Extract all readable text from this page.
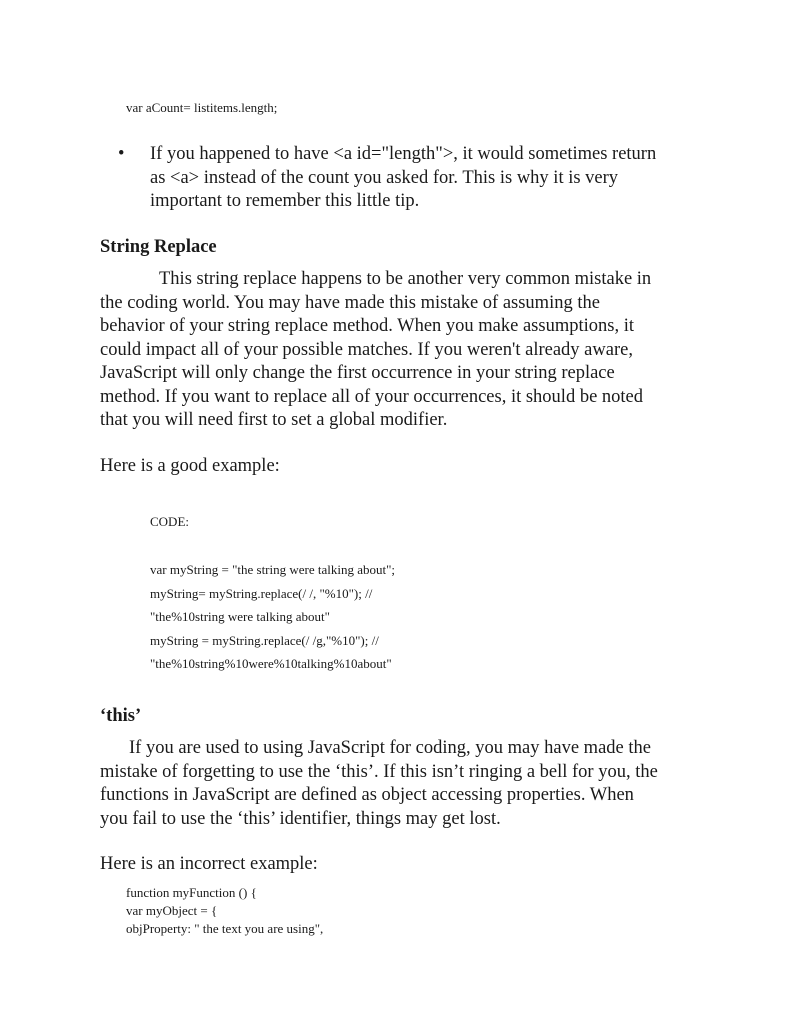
var aCount= listitems.length;
• If you happened to have <a id="length">, it would sometimes return
as <a> instead of the count you asked for. This is why it is very
important to remember this little tip.
String Replace
This string replace happens to be another very common mistake in
the coding world. You may have made this mistake of assuming the
behavior of your string replace method. When you make assumptions, it
could impact all of your possible matches. If you weren't already aware,
JavaScript will only change the first occurrence in your string replace
method. If you want to replace all of your occurrences, it should be noted
that you will need first to set a global modifier.
Here is a good example:
CODE:
var myString = "the string were talking about";
myString= myString.replace(/ /, "%10"); //
"the%10string were talking about"
myString = myString.replace(/ /g,"%10"); //
"the%10string%10were%10talking%10about"
‘this’
If you are used to using JavaScript for coding, you may have made the
mistake of forgetting to use the ‘this’. If this isn’t ringing a bell for you, the
functions in JavaScript are defined as object accessing properties. When
you fail to use the ‘this’ identifier, things may get lost.
Here is an incorrect example:
function myFunction () {
var myObject = {
objProperty: " the text you are using",
